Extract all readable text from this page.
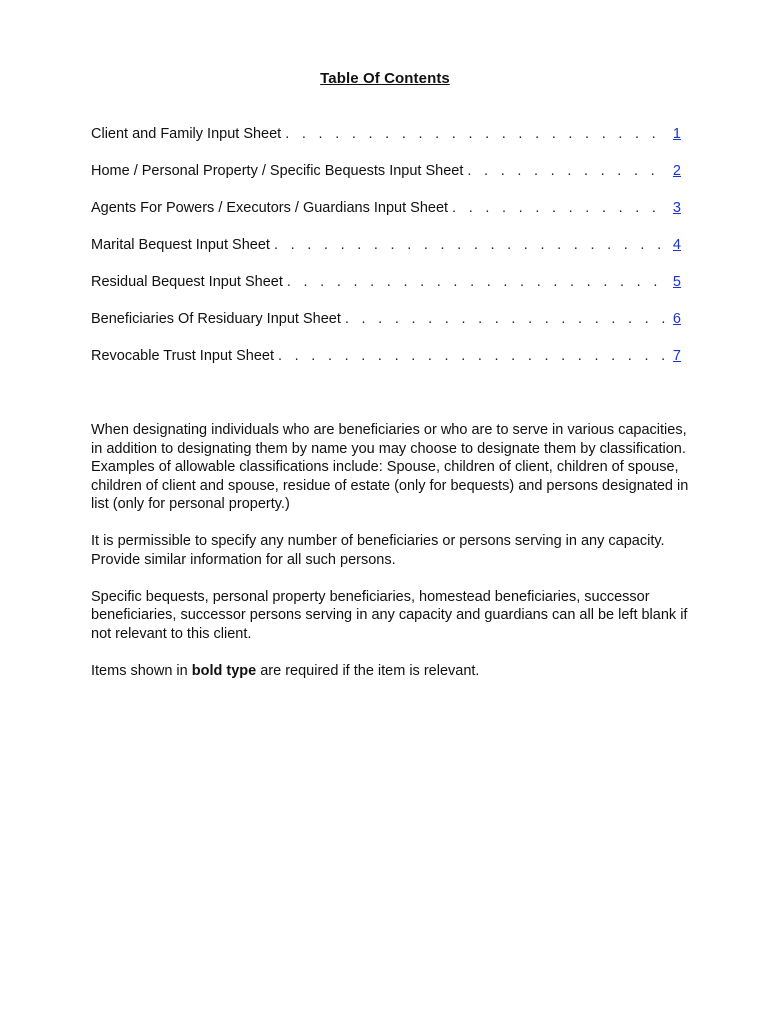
Table Of Contents
Client and Family Input Sheet . . .	1
Home / Personal Property / Specific Bequests Input Sheet . . .	2
Agents For Powers / Executors / Guardians Input Sheet . . .	3
Marital Bequest Input Sheet . . .	4
Residual Bequest Input Sheet . . .	5
Beneficiaries Of Residuary Input Sheet . . .	6
Revocable Trust Input Sheet . . .	7

When designating individuals who are beneficiaries or who are to serve in various capacities, in addition to designating them by name you may choose to designate them by classification. Examples of allowable classifications include: Spouse, children of client, children of spouse, children of client and spouse, residue of estate (only for bequests) and persons designated in list (only for personal property.)

It is permissible to specify any number of beneficiaries or persons serving in any capacity. Provide similar information for all such persons.

Specific bequests, personal property beneficiaries, homestead beneficiaries, successor beneficiaries, successor persons serving in any capacity and guardians can all be left blank if not relevant to this client.

Items shown in bold type are required if the item is relevant.
